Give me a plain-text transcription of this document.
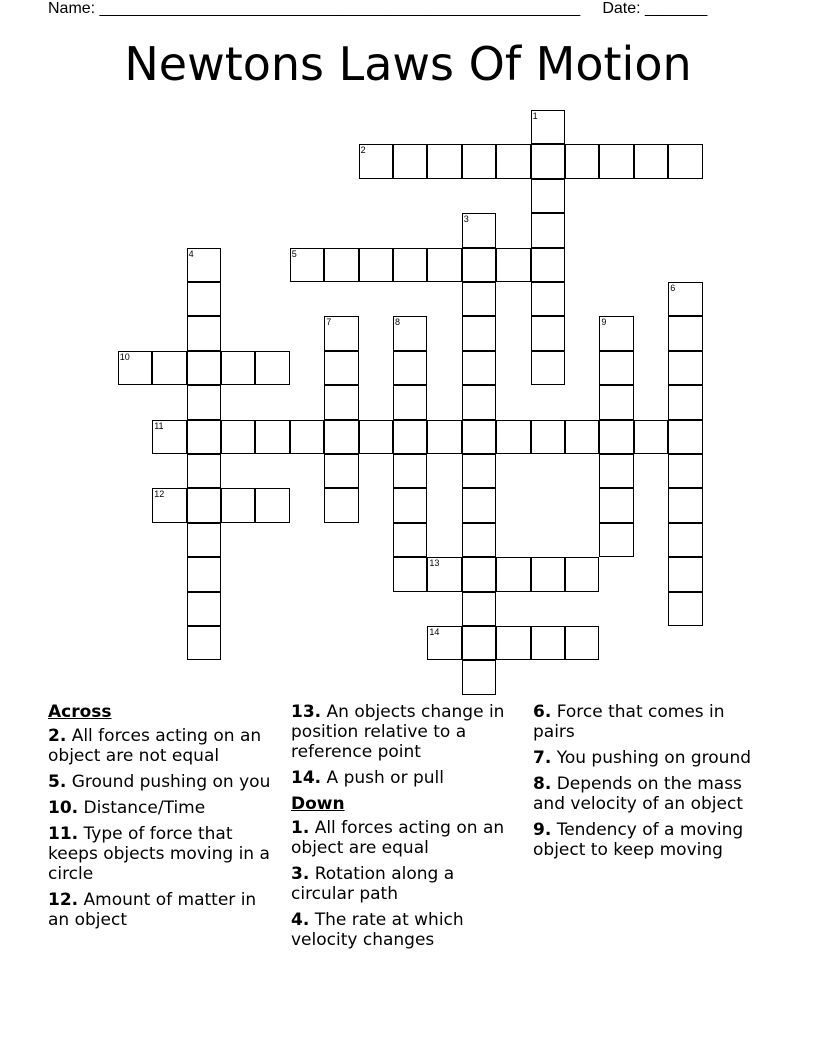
Name: ______________________________________________________ Date: _______
Newtons Laws Of Motion
1
2
3
4	5
6
7	8	9
10
11
12
13
14
Across
2. All forces acting on an object are not equal
5. Ground pushing on you
10. Distance/Time
11. Type of force that keeps objects moving in a circle
12. Amount of matter in an object
13. An objects change in position relative to a reference point
14. A push or pull
Down
1. All forces acting on an object are equal
3. Rotation along a circular path
4. The rate at which velocity changes
6. Force that comes in pairs
7. You pushing on ground
8. Depends on the mass and velocity of an object
9. Tendency of a moving object to keep moving
